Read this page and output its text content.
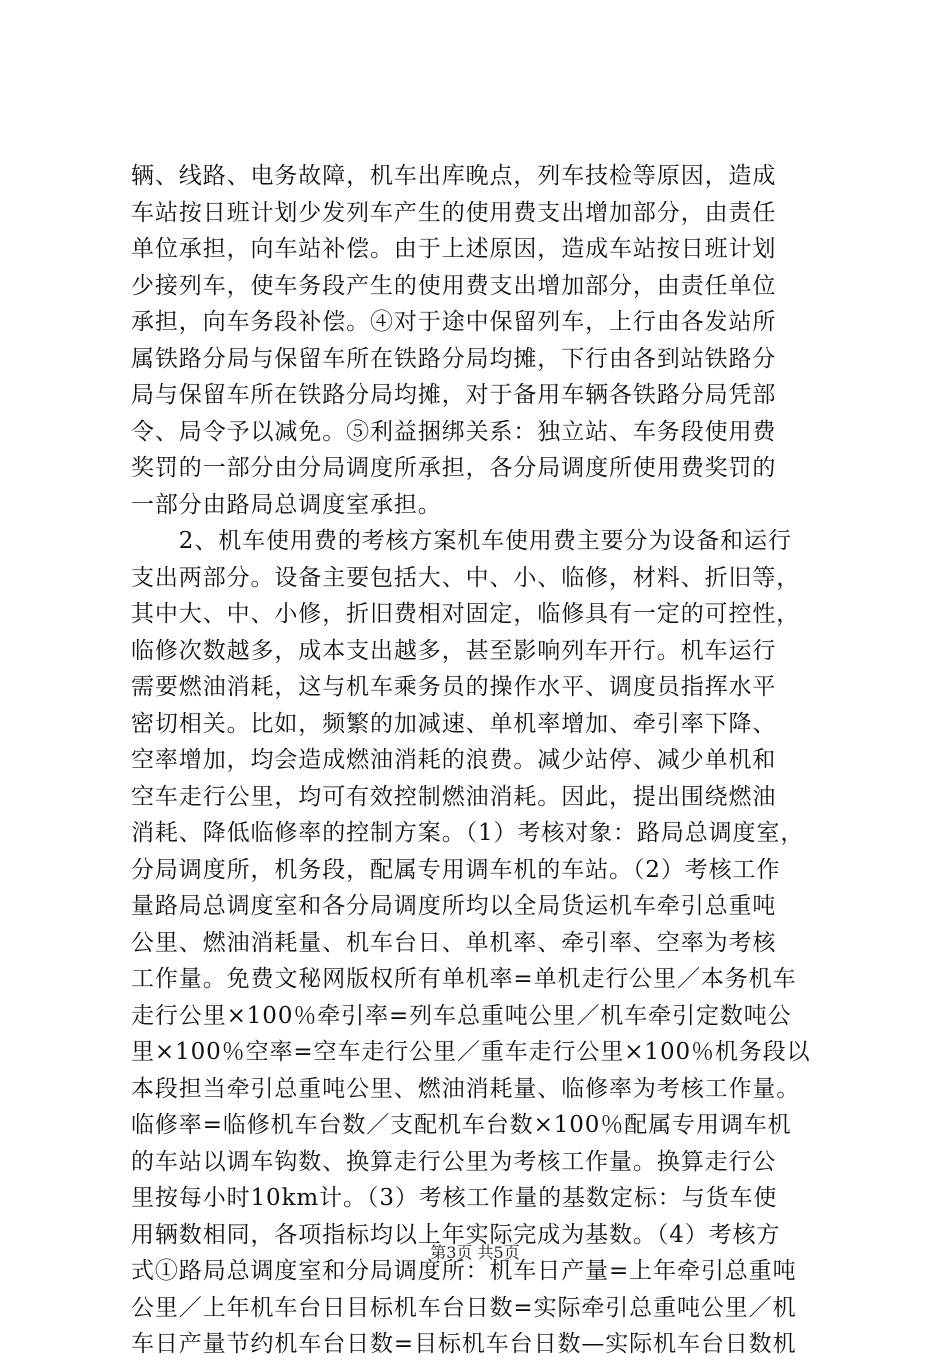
辆、线路、电务故障，机车出库晚点，列车技检等原因，造成
车站按日班计划少发列车产生的使用费支出增加部分，由责任
单位承担，向车站补偿。由于上述原因，造成车站按日班计划
少接列车，使车务段产生的使用费支出增加部分，由责任单位
承担，向车务段补偿。④对于途中保留列车，上行由各发站所
属铁路分局与保留车所在铁路分局均摊，下行由各到站铁路分
局与保留车所在铁路分局均摊，对于备用车辆各铁路分局凭部
令、局令予以减免。⑤利益捆绑关系：独立站、车务段使用费
奖罚的一部分由分局调度所承担，各分局调度所使用费奖罚的
一部分由路局总调度室承担。
　　2、机车使用费的考核方案机车使用费主要分为设备和运行
支出两部分。设备主要包括大、中、小、临修，材料、折旧等，
其中大、中、小修，折旧费相对固定，临修具有一定的可控性，
临修次数越多，成本支出越多，甚至影响列车开行。机车运行
需要燃油消耗，这与机车乘务员的操作水平、调度员指挥水平
密切相关。比如，频繁的加减速、单机率增加、牵引率下降、
空率增加，均会造成燃油消耗的浪费。减少站停、减少单机和
空车走行公里，均可有效控制燃油消耗。因此，提出围绕燃油
消耗、降低临修率的控制方案。（1）考核对象：路局总调度室，
分局调度所，机务段，配属专用调车机的车站。（2）考核工作
量路局总调度室和各分局调度所均以全局货运机车牵引总重吨
公里、燃油消耗量、机车台日、单机率、牵引率、空率为考核
工作量。免费文秘网版权所有单机率=单机走行公里／本务机车
走行公里×100％牵引率=列车总重吨公里／机车牵引定数吨公
里×100％空率=空车走行公里／重车走行公里×100％机务段以
本段担当牵引总重吨公里、燃油消耗量、临修率为考核工作量。
临修率=临修机车台数／支配机车台数×100％配属专用调车机
的车站以调车钩数、换算走行公里为考核工作量。换算走行公
里按每小时10km计。（3）考核工作量的基数定标：与货车使
用辆数相同，各项指标均以上年实际完成为基数。（4）考核方
式①路局总调度室和分局调度所：机车日产量=上年牵引总重吨
公里／上年机车台日目标机车台日数=实际牵引总重吨公里／机
车日产量节约机车台日数=目标机车台日数—实际机车台日数机
第3页 共5页
